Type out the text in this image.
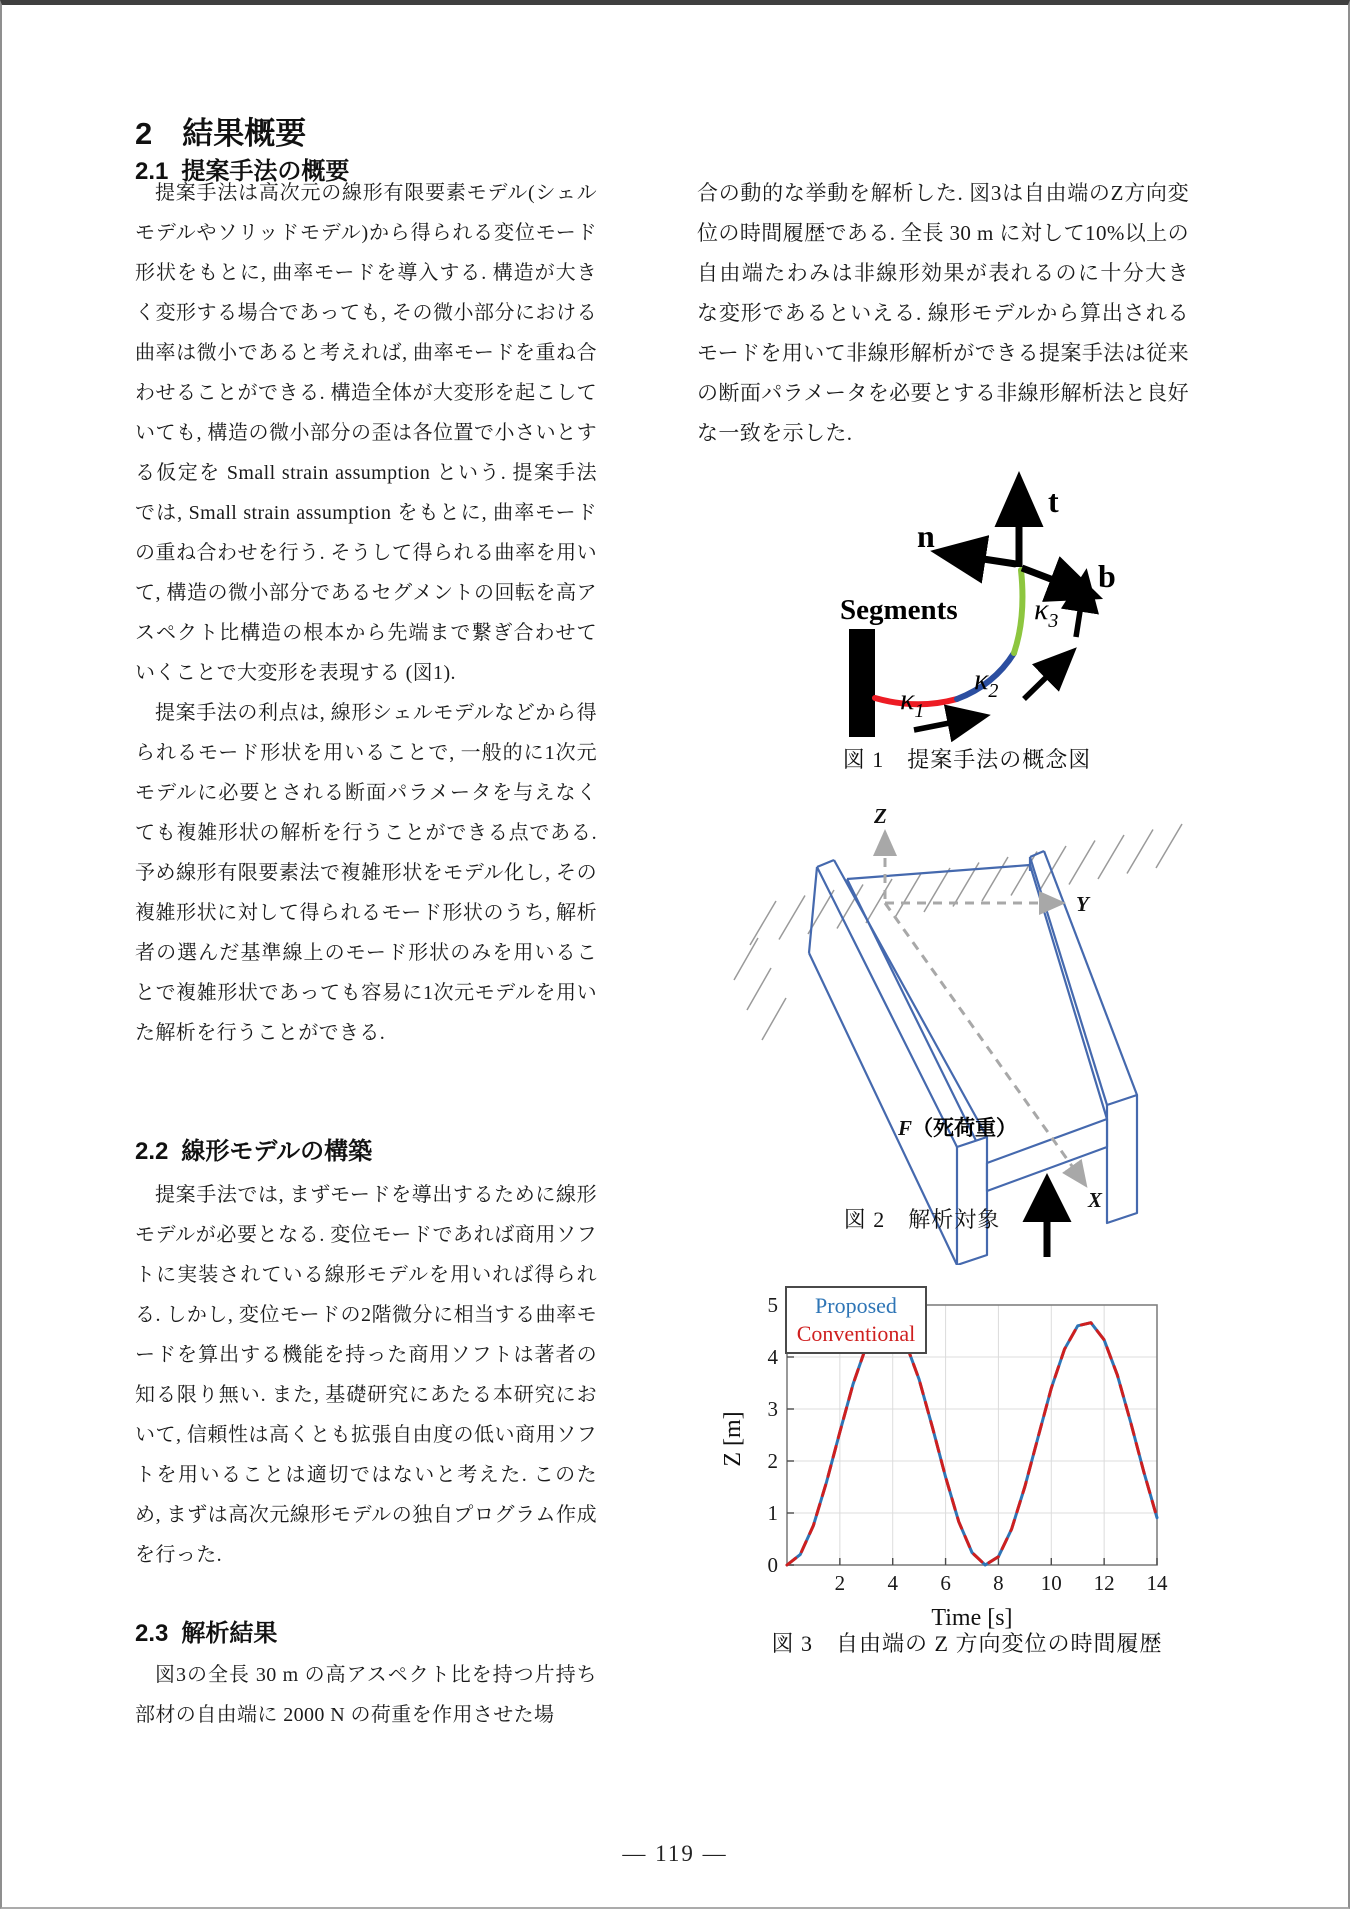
2 結果概要
2.1 提案手法の概要

提案手法は高次元の線形有限要素モデル(シェルモデルやソリッドモデル)から得られる変位モード形状をもとに, 曲率モードを導入する. 構造が大きく変形する場合であっても, その微小部分における曲率は微小であると考えれば, 曲率モードを重ね合わせることができる. 構造全体が大変形を起こしていても, 構造の微小部分の歪は各位置で小さいとする仮定を Small strain assumption という. 提案手法では, Small strain assumption をもとに, 曲率モードの重ね合わせを行う. そうして得られる曲率を用いて, 構造の微小部分であるセグメントの回転を高アスペクト比構造の根本から先端まで繋ぎ合わせていくことで大変形を表現する (図1).

提案手法の利点は, 線形シェルモデルなどから得られるモード形状を用いることで, 一般的に1次元モデルに必要とされる断面パラメータを与えなくても複雑形状の解析を行うことができる点である. 予め線形有限要素法で複雑形状をモデル化し, その複雑形状に対して得られるモード形状のうち, 解析者の選んだ基準線上のモード形状のみを用いることで複雑形状であっても容易に1次元モデルを用いた解析を行うことができる.

2.2 線形モデルの構築

提案手法では, まずモードを導出するために線形モデルが必要となる. 変位モードであれば商用ソフトに実装されている線形モデルを用いれば得られる. しかし, 変位モードの2階微分に相当する曲率モードを算出する機能を持った商用ソフトは著者の知る限り無い. また, 基礎研究にあたる本研究において, 信頼性は高くとも拡張自由度の低い商用ソフトを用いることは適切ではないと考えた. このため, まずは高次元線形モデルの独自プログラム作成を行った.

2.3 解析結果

図3の全長 30 m の高アスペクト比を持つ片持ち部材の自由端に 2000 N の荷重を作用させた場

合の動的な挙動を解析した. 図3は自由端のZ方向変位の時間履歴である. 全長 30 m に対して10%以上の自由端たわみは非線形効果が表れるのに十分大きな変形であるといえる. 線形モデルから算出されるモードを用いて非線形解析ができる提案手法は従来の断面パラメータを必要とする非線形解析法と良好な一致を示した.

Segments
t
n
b
$\kappa_1$
$\kappa_2$
$\kappa_3$
図 1　提案手法の概念図
Z
Y
X
F（死荷重）
図 2　解析対象
2 4 6 8 10 12 14
0
1
2
3
4
5
Z [m]
Time [s]
Proposed
Conventional
図 3　自由端の Z 方向変位の時間履歴
— 119 —
